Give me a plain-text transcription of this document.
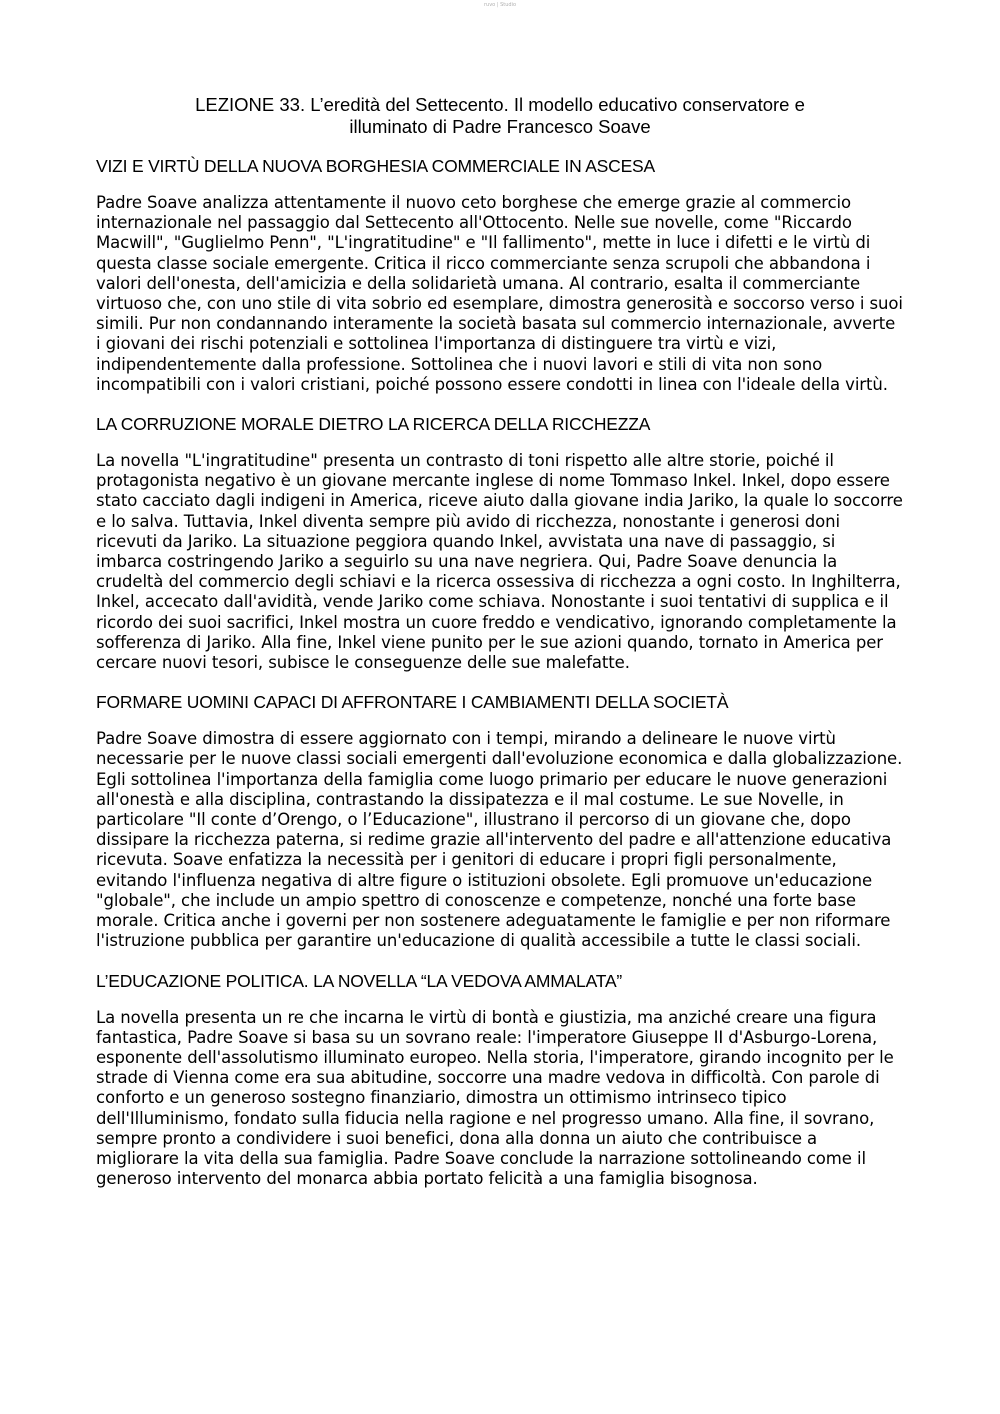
ruvo | Studio
LEZIONE 33. L’eredità del Settecento. Il modello educativo conservatore e
illuminato di Padre Francesco Soave
VIZI E VIRTÙ DELLA NUOVA BORGHESIA COMMERCIALE IN ASCESA

Padre Soave analizza attentamente il nuovo ceto borghese che emerge grazie al commercio internazionale nel passaggio dal Settecento all'Ottocento. Nelle sue novelle, come "Riccardo Macwill", "Guglielmo Penn", "L'ingratitudine" e "Il fallimento", mette in luce i difetti e le virtù di questa classe sociale emergente. Critica il ricco commerciante senza scrupoli che abbandona i valori dell'onesta, dell'amicizia e della solidarietà umana. Al contrario, esalta il commerciante virtuoso che, con uno stile di vita sobrio ed esemplare, dimostra generosità e soccorso verso i suoi simili. Pur non condannando interamente la società basata sul commercio internazionale, avverte i giovani dei rischi potenziali e sottolinea l'importanza di distinguere tra virtù e vizi, indipendentemente dalla professione. Sottolinea che i nuovi lavori e stili di vita non sono incompatibili con i valori cristiani, poiché possono essere condotti in linea con l'ideale della virtù.

LA CORRUZIONE MORALE DIETRO LA RICERCA DELLA RICCHEZZA

La novella "L'ingratitudine" presenta un contrasto di toni rispetto alle altre storie, poiché il protagonista negativo è un giovane mercante inglese di nome Tommaso Inkel. Inkel, dopo essere stato cacciato dagli indigeni in America, riceve aiuto dalla giovane india Jariko, la quale lo soccorre e lo salva. Tuttavia, Inkel diventa sempre più avido di ricchezza, nonostante i generosi doni ricevuti da Jariko. La situazione peggiora quando Inkel, avvistata una nave di passaggio, si imbarca costringendo Jariko a seguirlo su una nave negriera. Qui, Padre Soave denuncia la crudeltà del commercio degli schiavi e la ricerca ossessiva di ricchezza a ogni costo. In Inghilterra, Inkel, accecato dall'avidità, vende Jariko come schiava. Nonostante i suoi tentativi di supplica e il ricordo dei suoi sacrifici, Inkel mostra un cuore freddo e vendicativo, ignorando completamente la sofferenza di Jariko. Alla fine, Inkel viene punito per le sue azioni quando, tornato in America per cercare nuovi tesori, subisce le conseguenze delle sue malefatte.

FORMARE UOMINI CAPACI DI AFFRONTARE I CAMBIAMENTI DELLA SOCIETÀ

Padre Soave dimostra di essere aggiornato con i tempi, mirando a delineare le nuove virtù necessarie per le nuove classi sociali emergenti dall'evoluzione economica e dalla globalizzazione. Egli sottolinea l'importanza della famiglia come luogo primario per educare le nuove generazioni all'onestà e alla disciplina, contrastando la dissipatezza e il mal costume. Le sue Novelle, in particolare "Il conte d’Orengo, o l’Educazione", illustrano il percorso di un giovane che, dopo dissipare la ricchezza paterna, si redime grazie all'intervento del padre e all'attenzione educativa ricevuta. Soave enfatizza la necessità per i genitori di educare i propri figli personalmente, evitando l'influenza negativa di altre figure o istituzioni obsolete. Egli promuove un'educazione "globale", che include un ampio spettro di conoscenze e competenze, nonché una forte base morale. Critica anche i governi per non sostenere adeguatamente le famiglie e per non riformare l'istruzione pubblica per garantire un'educazione di qualità accessibile a tutte le classi sociali.

L’EDUCAZIONE POLITICA. LA NOVELLA “LA VEDOVA AMMALATA”

La novella presenta un re che incarna le virtù di bontà e giustizia, ma anziché creare una figura fantastica, Padre Soave si basa su un sovrano reale: l'imperatore Giuseppe II d'Asburgo-Lorena, esponente dell'assolutismo illuminato europeo. Nella storia, l'imperatore, girando incognito per le strade di Vienna come era sua abitudine, soccorre una madre vedova in difficoltà. Con parole di conforto e un generoso sostegno finanziario, dimostra un ottimismo intrinseco tipico dell'Illuminismo, fondato sulla fiducia nella ragione e nel progresso umano. Alla fine, il sovrano, sempre pronto a condividere i suoi benefici, dona alla donna un aiuto che contribuisce a migliorare la vita della sua famiglia. Padre Soave conclude la narrazione sottolineando come il generoso intervento del monarca abbia portato felicità a una famiglia bisognosa.
